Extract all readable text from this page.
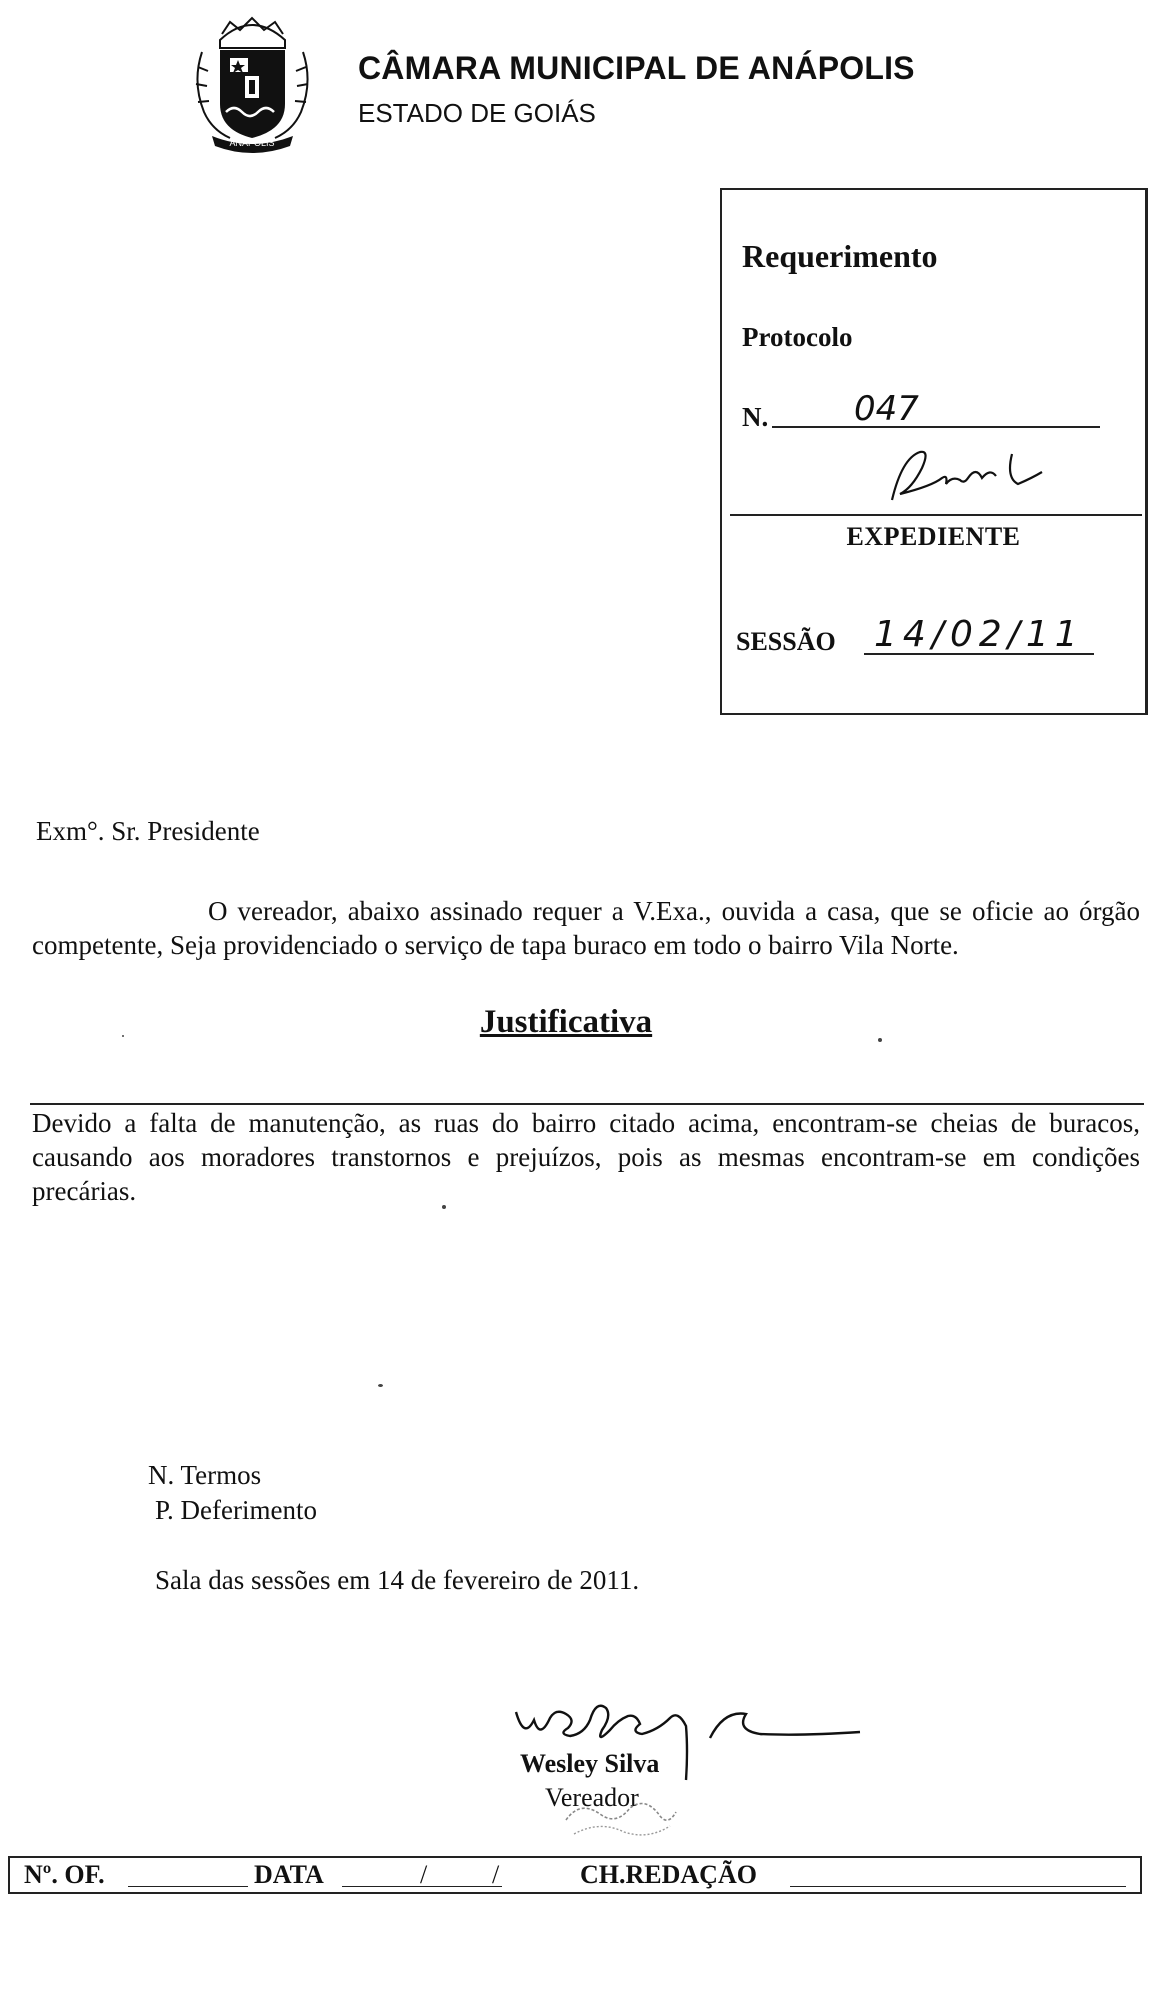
ANÁPOLIS
CÂMARA MUNICIPAL DE ANÁPOLIS
ESTADO DE GOIÁS
Requerimento
Protocolo
N.	047
EXPEDIENTE
SESSÃO 14/02/11
Exm°. Sr. Presidente

O vereador, abaixo assinado requer a V.Exa., ouvida a casa, que se oficie ao órgão competente, Seja providenciado o serviço de tapa buraco em todo o bairro Vila Norte.

Justificativa

Devido a falta de manutenção, as ruas do bairro citado acima, encontram-se cheias de buracos, causando aos moradores transtornos e prejuízos, pois as mesmas encontram-se em condições precárias.

N. Termos
P. Deferimento
Sala das sessões em 14 de fevereiro de 2011.
Wesley Silva
Vereador
Nº. OF.	DATA	/ /	CH.REDAÇÃO
